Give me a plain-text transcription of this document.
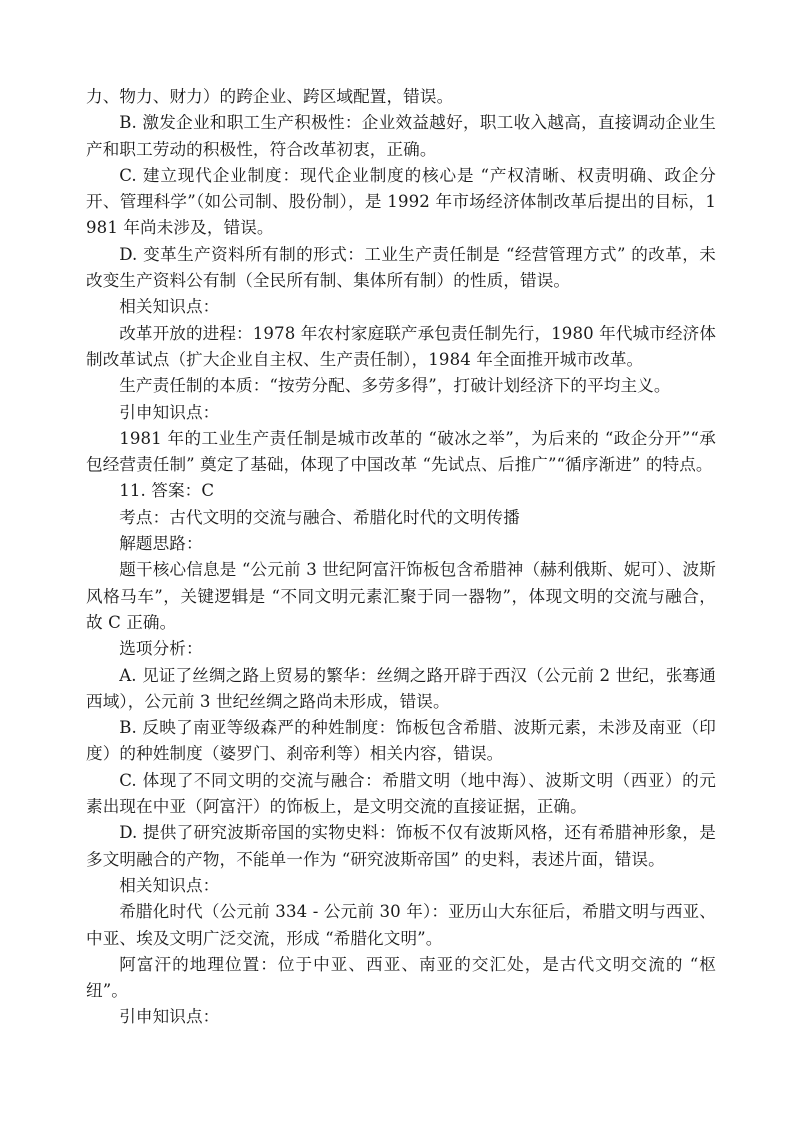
力、物力、财力）的跨企业、跨区域配置，错误。

B. 激发企业和职工生产积极性：企业效益越好，职工收入越高，直接调动企业生产和职工劳动的积极性，符合改革初衷，正确。

C. 建立现代企业制度：现代企业制度的核心是 “产权清晰、权责明确、政企分开、管理科学”（如公司制、股份制），是 1992 年市场经济体制改革后提出的目标，1981 年尚未涉及，错误。

D. 变革生产资料所有制的形式：工业生产责任制是 “经营管理方式” 的改革，未改变生产资料公有制（全民所有制、集体所有制）的性质，错误。

相关知识点：

改革开放的进程：1978 年农村家庭联产承包责任制先行，1980 年代城市经济体制改革试点（扩大企业自主权、生产责任制），1984 年全面推开城市改革。

生产责任制的本质：“按劳分配、多劳多得”，打破计划经济下的平均主义。

引申知识点：

1981 年的工业生产责任制是城市改革的 “破冰之举”，为后来的 “政企分开”“承包经营责任制” 奠定了基础，体现了中国改革 “先试点、后推广”“循序渐进” 的特点。

11. 答案：C

考点：古代文明的交流与融合、希腊化时代的文明传播

解题思路：

题干核心信息是 “公元前 3 世纪阿富汗饰板包含希腊神（赫利俄斯、妮可）、波斯风格马车”，关键逻辑是 “不同文明元素汇聚于同一器物”，体现文明的交流与融合，故 C 正确。

选项分析：

A. 见证了丝绸之路上贸易的繁华：丝绸之路开辟于西汉（公元前 2 世纪，张骞通西域），公元前 3 世纪丝绸之路尚未形成，错误。

B. 反映了南亚等级森严的种姓制度：饰板包含希腊、波斯元素，未涉及南亚（印度）的种姓制度（婆罗门、刹帝利等）相关内容，错误。

C. 体现了不同文明的交流与融合：希腊文明（地中海）、波斯文明（西亚）的元素出现在中亚（阿富汗）的饰板上，是文明交流的直接证据，正确。

D. 提供了研究波斯帝国的实物史料：饰板不仅有波斯风格，还有希腊神形象，是多文明融合的产物，不能单一作为 “研究波斯帝国” 的史料，表述片面，错误。

相关知识点：

希腊化时代（公元前 334 - 公元前 30 年）：亚历山大东征后，希腊文明与西亚、中亚、埃及文明广泛交流，形成 “希腊化文明”。

阿富汗的地理位置：位于中亚、西亚、南亚的交汇处，是古代文明交流的 “枢纽”。

引申知识点：
